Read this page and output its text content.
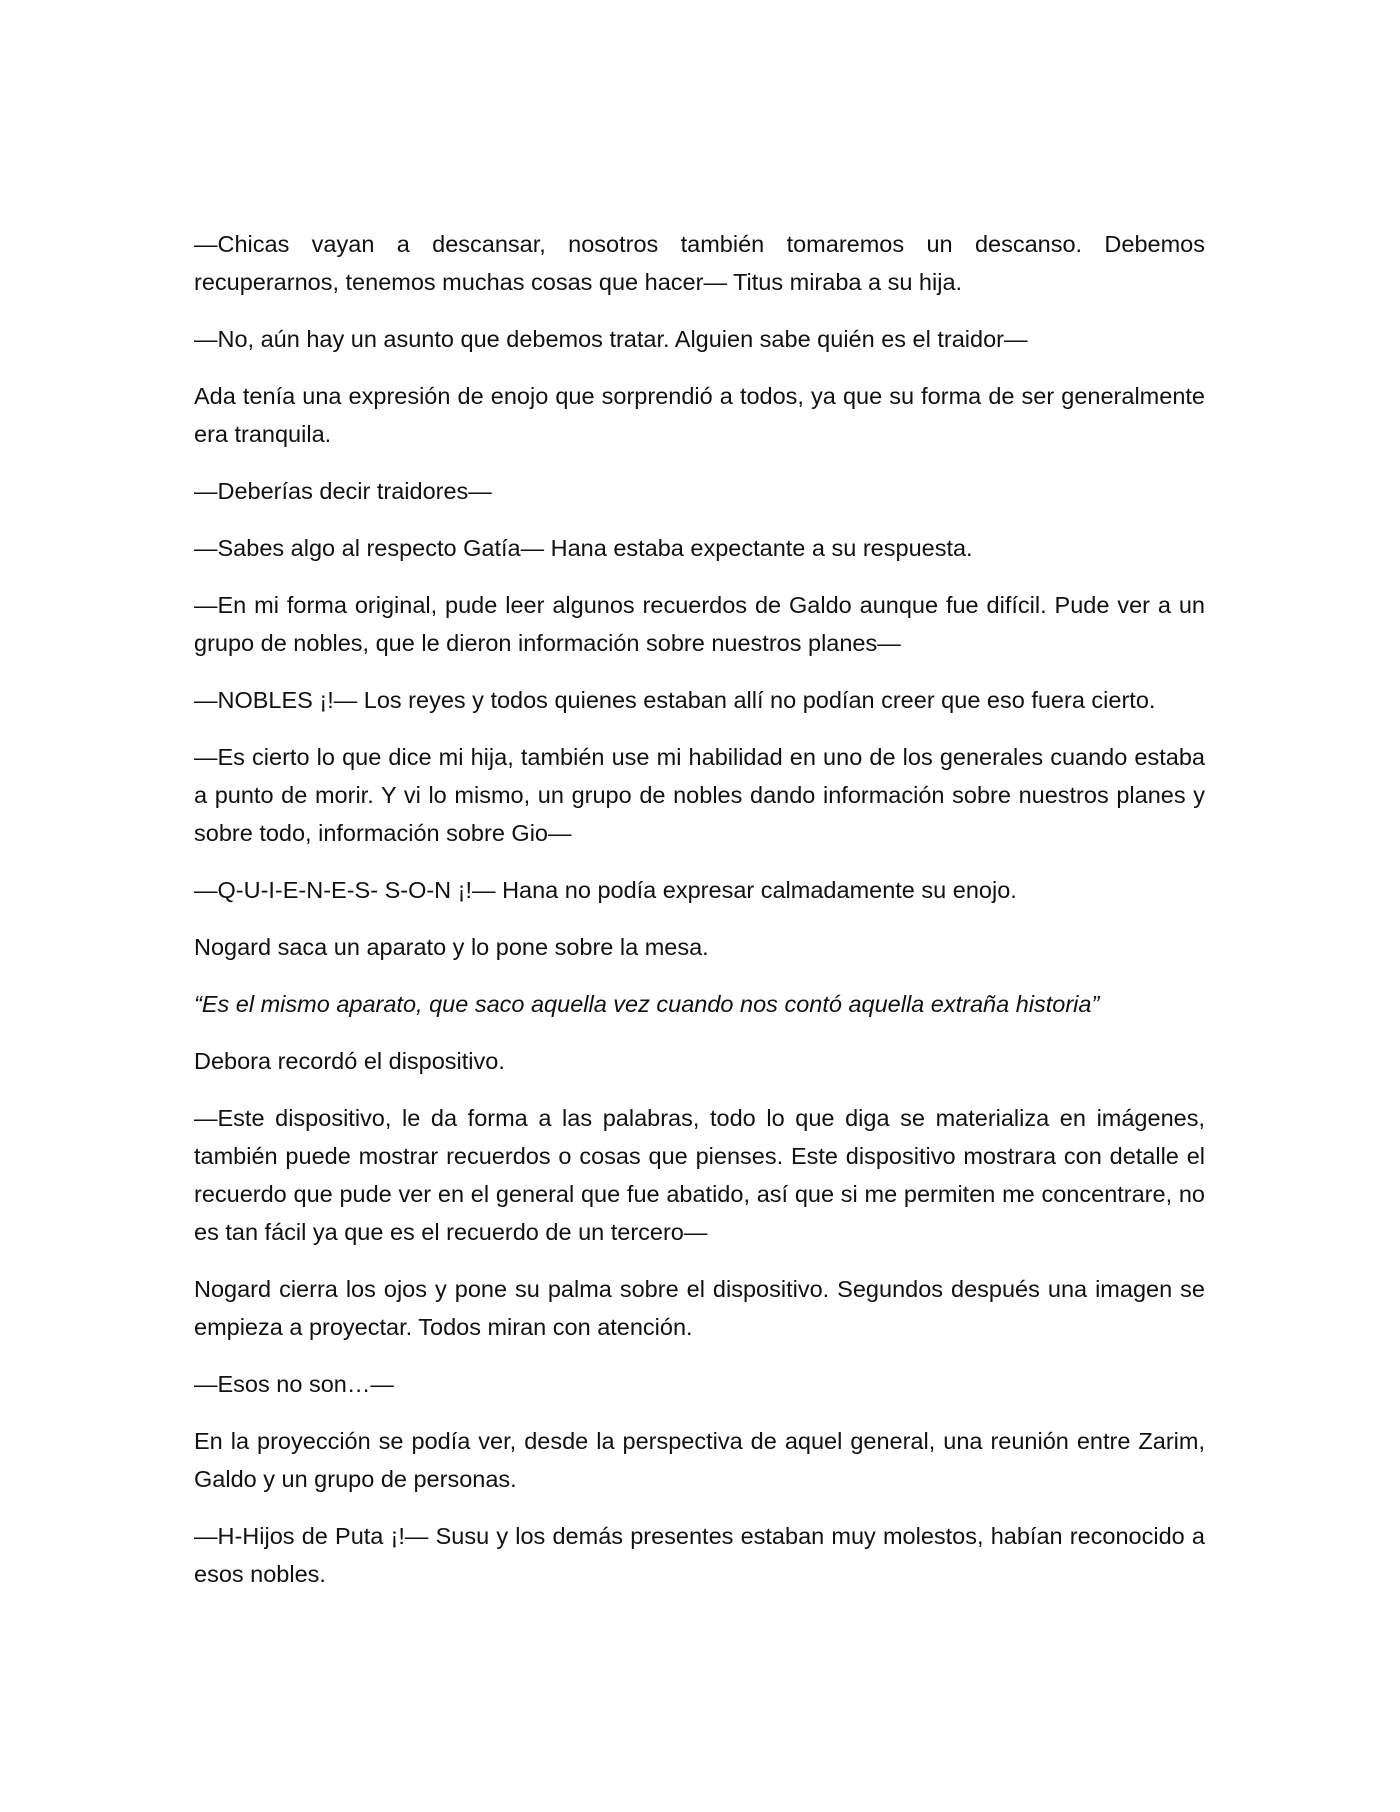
—Chicas vayan a descansar, nosotros también tomaremos un descanso. Debemos recuperarnos, tenemos muchas cosas que hacer— Titus miraba a su hija.

—No, aún hay un asunto que debemos tratar. Alguien sabe quién es el traidor—

Ada tenía una expresión de enojo que sorprendió a todos, ya que su forma de ser generalmente era tranquila.

—Deberías decir traidores—

—Sabes algo al respecto Gatía— Hana estaba expectante a su respuesta.

—En mi forma original, pude leer algunos recuerdos de Galdo aunque fue difícil. Pude ver a un grupo de nobles, que le dieron información sobre nuestros planes—

—NOBLES ¡!— Los reyes y todos quienes estaban allí no podían creer que eso fuera cierto.

—Es cierto lo que dice mi hija, también use mi habilidad en uno de los generales cuando estaba a punto de morir. Y vi lo mismo, un grupo de nobles dando información sobre nuestros planes y sobre todo, información sobre Gio—

—Q-U-I-E-N-E-S- S-O-N ¡!— Hana no podía expresar calmadamente su enojo.

Nogard saca un aparato y lo pone sobre la mesa.

“Es el mismo aparato, que saco aquella vez cuando nos contó aquella extraña historia”

Debora recordó el dispositivo.

—Este dispositivo, le da forma a las palabras, todo lo que diga se materializa en imágenes, también puede mostrar recuerdos o cosas que pienses. Este dispositivo mostrara con detalle el recuerdo que pude ver en el general que fue abatido, así que si me permiten me concentrare, no es tan fácil ya que es el recuerdo de un tercero—

Nogard cierra los ojos y pone su palma sobre el dispositivo. Segundos después una imagen se empieza a proyectar. Todos miran con atención.

—Esos no son…—

En la proyección se podía ver, desde la perspectiva de aquel general, una reunión entre Zarim, Galdo y un grupo de personas.

—H-Hijos de Puta ¡!— Susu y los demás presentes estaban muy molestos, habían reconocido a esos nobles.
